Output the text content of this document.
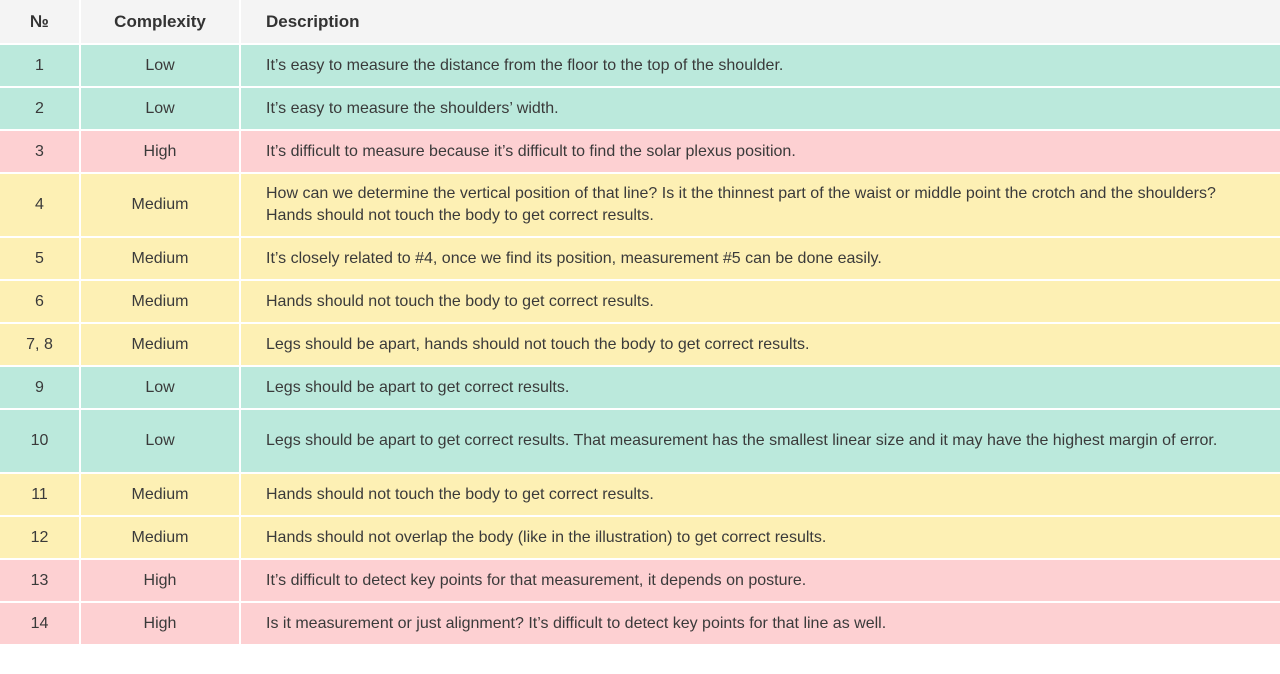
№	Complexity	Description
1	Low	It’s easy to measure the distance from the floor to the top of the shoulder.
2	Low	It’s easy to measure the shoulders’ width.
3	High	It’s difficult to measure because it’s difficult to find the solar plexus position.
4	Medium	How can we determine the vertical position of that line? Is it the thinnest part of the waist or middle point the crotch and the shoulders? Hands should not touch the body to get correct results.
5	Medium	It’s closely related to #4, once we find its position, measurement #5 can be done easily.
6	Medium	Hands should not touch the body to get correct results.
7, 8	Medium	Legs should be apart, hands should not touch the body to get correct results.
9	Low	Legs should be apart to get correct results.
10	Low	Legs should be apart to get correct results. That measurement has the smallest linear size and it may have the highest margin of error.
11	Medium	Hands should not touch the body to get correct results.
12	Medium	Hands should not overlap the body (like in the illustration) to get correct results.
13	High	It’s difficult to detect key points for that measurement, it depends on posture.
14	High	Is it measurement or just alignment? It’s difficult to detect key points for that line as well.
